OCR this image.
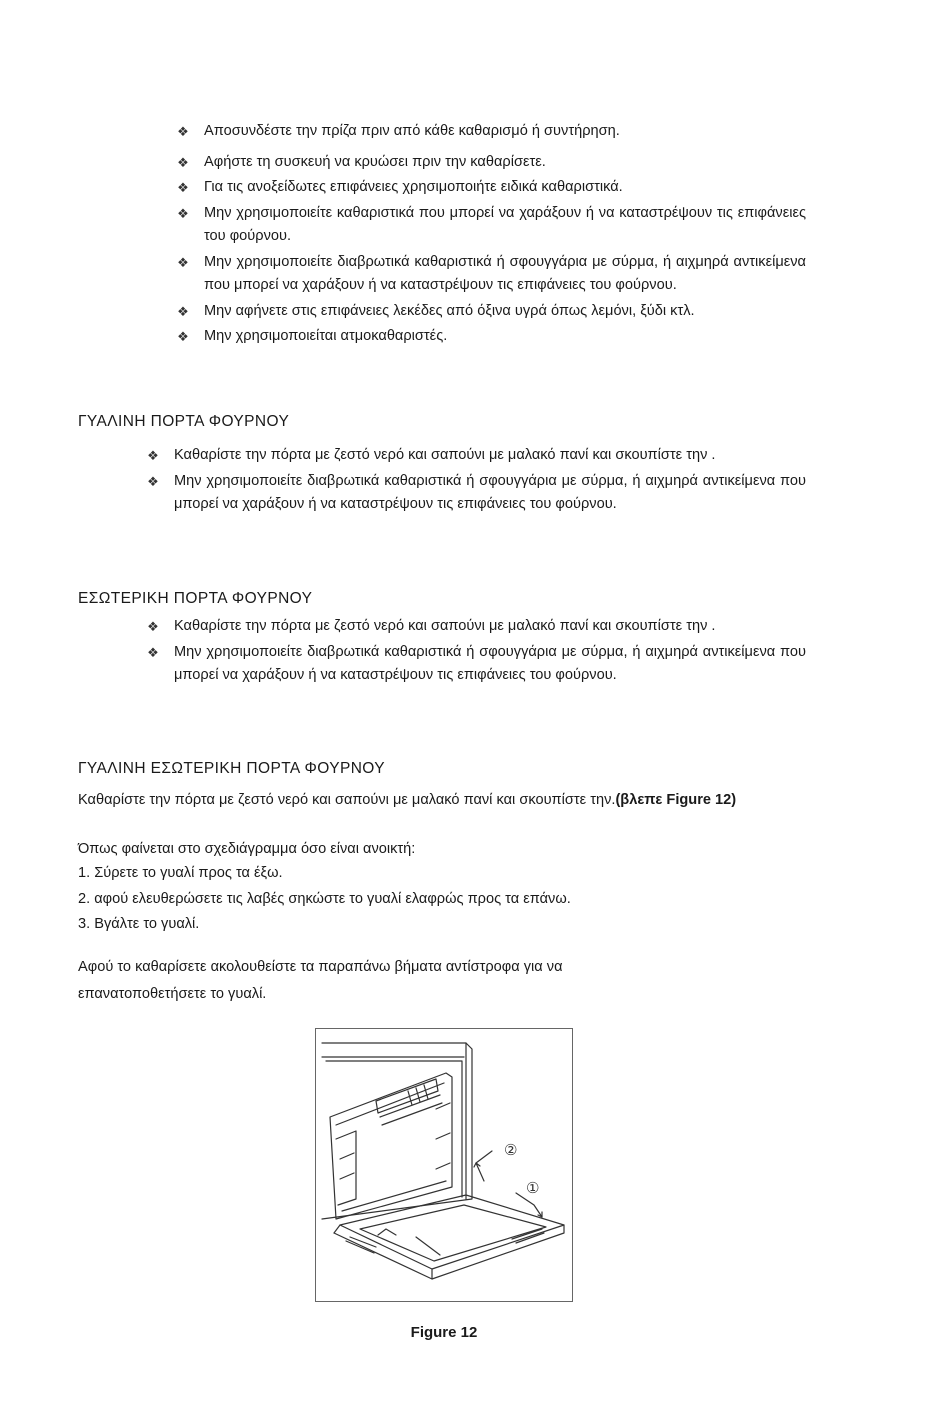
❖ Αποσυνδέστε την πρίζα πριν από κάθε καθαρισμό ή συντήρηση.
❖ Αφήστε τη συσκευή να κρυώσει πριν την καθαρίσετε.
❖ Για τις ανοξείδωτες επιφάνειες χρησιμοποιήτε ειδικά καθαριστικά.
❖ Μην χρησιμοποιείτε καθαριστικά που μπορεί να χαράξουν ή να καταστρέψουν τις επιφάνειες του φούρνου.
❖ Μην χρησιμοποιείτε διαβρωτικά καθαριστικά ή σφουγγάρια με σύρμα, ή αιχμηρά αντικείμενα που μπορεί να χαράξουν ή να καταστρέψουν τις επιφάνειες του φούρνου.
❖ Μην αφήνετε στις επιφάνειες λεκέδες από όξινα υγρά όπως λεμόνι, ξύδι κτλ.
❖ Μην χρησιμοποιείται ατμοκαθαριστές.
ΓΥΑΛΙΝΗ ΠΟΡΤΑ ΦΟΥΡΝΟΥ
❖ Καθαρίστε την πόρτα με ζεστό νερό και σαπούνι με μαλακό πανί και σκουπίστε την .
❖ Μην χρησιμοποιείτε διαβρωτικά καθαριστικά ή σφουγγάρια με σύρμα, ή αιχμηρά αντικείμενα που μπορεί να χαράξουν ή να καταστρέψουν τις επιφάνειες του φούρνου.
ΕΣΩΤΕΡΙΚΗ ΠΟΡΤΑ ΦΟΥΡΝΟΥ
❖ Καθαρίστε την πόρτα με ζεστό νερό και σαπούνι με μαλακό πανί και σκουπίστε την .
❖ Μην χρησιμοποιείτε διαβρωτικά καθαριστικά ή σφουγγάρια με σύρμα, ή αιχμηρά αντικείμενα που μπορεί να χαράξουν ή να καταστρέψουν τις επιφάνειες του φούρνου.
ΓΥΑΛΙΝΗ ΕΣΩΤΕΡΙΚΗ ΠΟΡΤΑ ΦΟΥΡΝΟΥ

Καθαρίστε την πόρτα με ζεστό νερό και σαπούνι με μαλακό πανί και σκουπίστε την.(βλεπε Figure 12)

Όπως φαίνεται στο σχεδιάγραμμα όσο είναι ανοικτή:

1. Σύρετε το γυαλί προς τα έξω.

2. αφού ελευθερώσετε τις λαβές σηκώστε το γυαλί ελαφρώς προς τα επάνω.

3. Βγάλτε το γυαλί.

Αφού το καθαρίσετε ακολουθείστε τα παραπάνω βήματα αντίστροφα για να

επανατοποθετήσετε το γυαλί.

②
①

Figure 12
